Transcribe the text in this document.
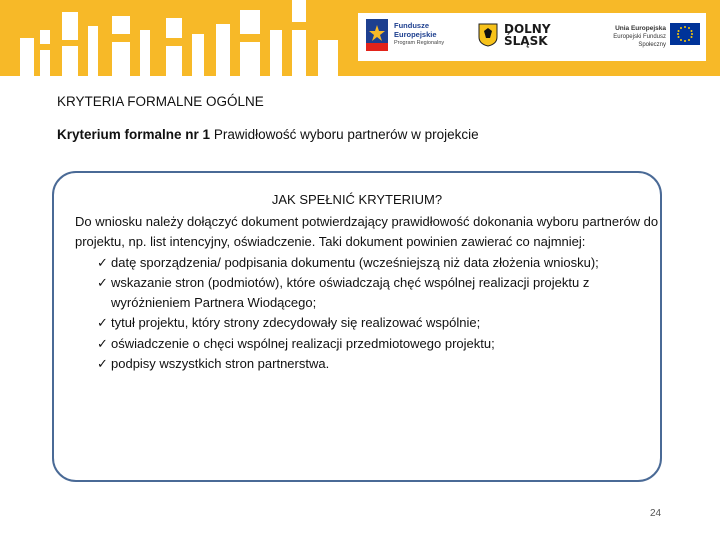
Fundusze
Europejskie
Program Regionalny
DOLNY
ŚLĄSK
Unia Europejska
Europejski Fundusz Społeczny
KRYTERIA FORMALNE OGÓLNE
Kryterium formalne nr 1 Prawidłowość wyboru partnerów w projekcie
JAK SPEŁNIĆ KRYTERIUM?
Do wniosku należy dołączyć dokument potwierdzający prawidłowość dokonania wyboru partnerów do projektu, np. list intencyjny, oświadczenie. Taki dokument powinien zawierać co najmniej:
✓ datę sporządzenia/ podpisania dokumentu (wcześniejszą niż data złożenia wniosku);
✓ wskazanie stron (podmiotów), które oświadczają chęć wspólnej realizacji projektu z wyróżnieniem Partnera Wiodącego;
✓ tytuł projektu, który strony zdecydowały się realizować wspólnie;
✓ oświadczenie o chęci wspólnej realizacji przedmiotowego projektu;
✓ podpisy wszystkich stron partnerstwa.
24
